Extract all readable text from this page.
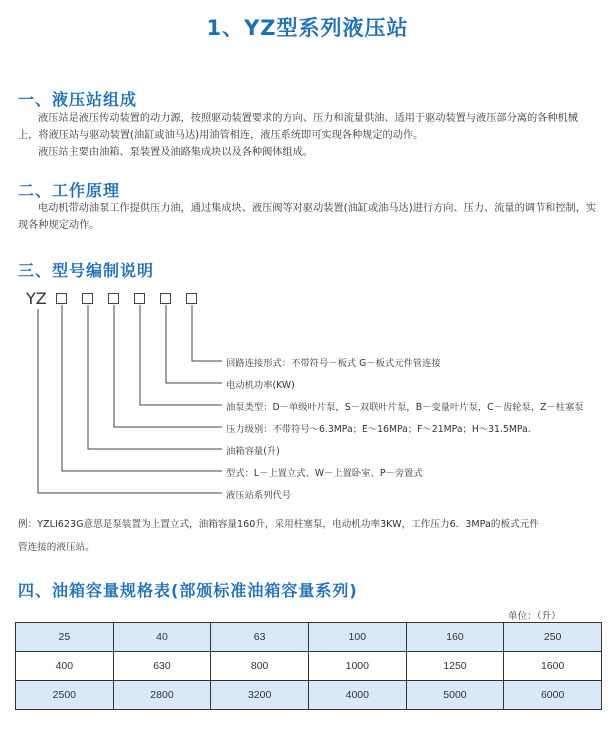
1、YZ型系列液压站
一、液压站组成

液压站是液压传动装置的动力源，按照驱动装置要求的方向、压力和流量供油、适用于驱动装置与液压部分离的各种机械上，将液压站与驱动装置(油缸或油马达)用油管相连，液压系统即可实现各种规定的动作。

液压站主要由油箱、泵装置及油路集成块以及各种阀体组成。

二、工作原理

电动机带动油泵工作提供压力油，通过集成块、液压阀等对驱动装置(油缸或油马达)进行方向、压力、流量的调节和控制，实现各种规定动作。

三、型号编制说明
YZ
回路连接形式：不带符号－板式 G－板式元件管连接
电动机功率(KW)
油泵类型：D－单级叶片泵，S－双联叶片泵，B－变量叶片泵，C－齿轮泵，Z－柱塞泵
压力级别：不带符号～6.3MPa；E～16MPa；F～21MPa；H～31.5MPa.
油箱容量(升)
型式：L－上置立式、W－上置卧室、P－旁置式
液压站系列代号

例：YZLI623G意思是泵装置为上置立式，油箱容量160升，采用柱塞泵，电动机功率3KW，工作压力6．3MPa的板式元件

管连接的液压站。

四、油箱容量规格表(部颁标准油箱容量系列)
单位：（升）
25	40	63	100	160	250
400	630	800	1000	1250	1600
2500	2800	3200	4000	5000	6000
